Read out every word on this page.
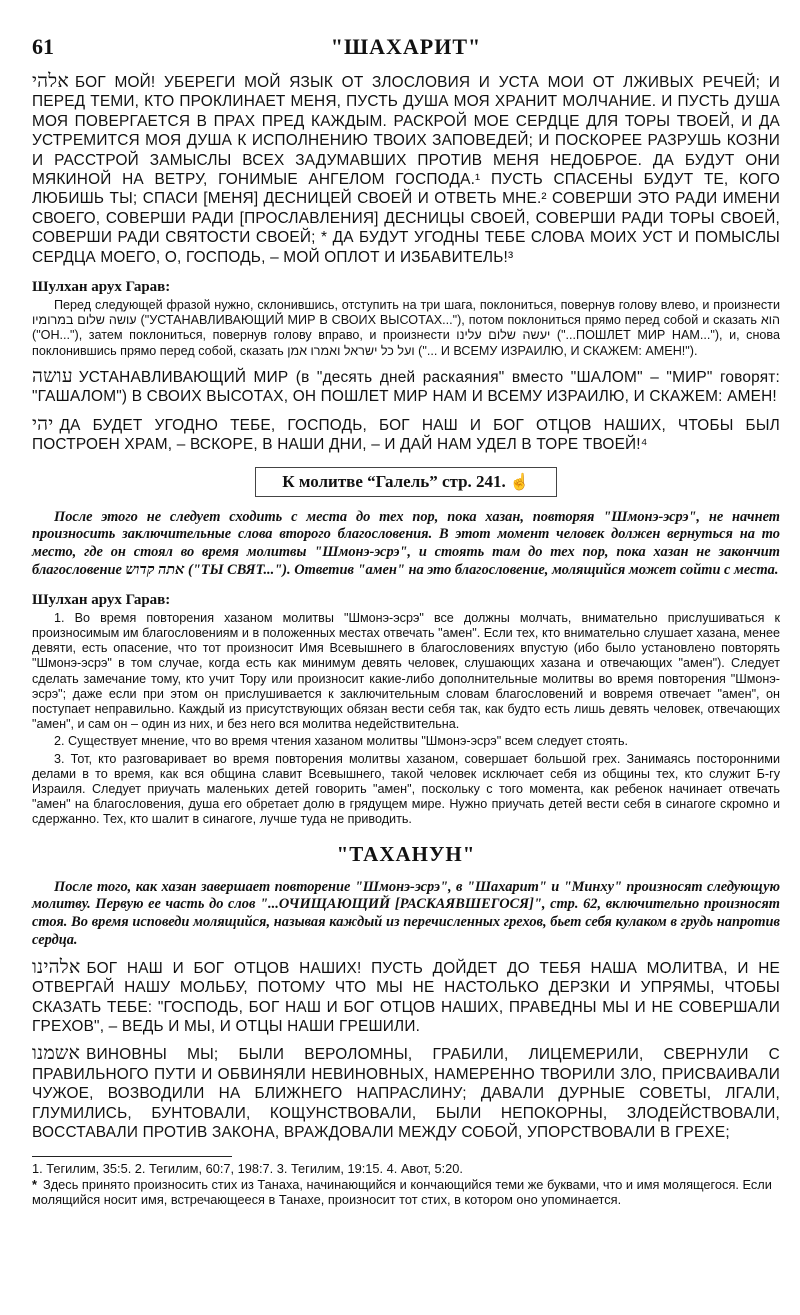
61	"ШАХАРИТ"

אלהי БОГ МОЙ! УБЕРЕГИ МОЙ ЯЗЫК ОТ ЗЛОСЛОВИЯ И УСТА МОИ ОТ ЛЖИВЫХ РЕЧЕЙ; И ПЕРЕД ТЕМИ, КТО ПРОКЛИНАЕТ МЕНЯ, ПУСТЬ ДУША МОЯ ХРАНИТ МОЛЧАНИЕ. И ПУСТЬ ДУША МОЯ ПОВЕРГАЕТСЯ В ПРАХ ПРЕД КАЖДЫМ. РАСКРОЙ МОЕ СЕРДЦЕ ДЛЯ ТОРЫ ТВОЕЙ, И ДА УСТРЕМИТСЯ МОЯ ДУША К ИСПОЛНЕНИЮ ТВОИХ ЗАПОВЕДЕЙ; И ПОСКОРЕЕ РАЗРУШЬ КОЗНИ И РАССТРОЙ ЗАМЫСЛЫ ВСЕХ ЗАДУМАВШИХ ПРОТИВ МЕНЯ НЕДОБРОЕ. ДА БУДУТ ОНИ МЯКИНОЙ НА ВЕТРУ, ГОНИМЫЕ АНГЕЛОМ ГОСПОДА.¹ ПУСТЬ СПАСЕНЫ БУДУТ ТЕ, КОГО ЛЮБИШЬ ТЫ; СПАСИ [МЕНЯ] ДЕСНИЦЕЙ СВОЕЙ И ОТВЕТЬ МНЕ.² СОВЕРШИ ЭТО РАДИ ИМЕНИ СВОЕГО, СОВЕРШИ РАДИ [ПРОСЛАВЛЕНИЯ] ДЕСНИЦЫ СВОЕЙ, СОВЕРШИ РАДИ ТОРЫ СВОЕЙ, СОВЕРШИ РАДИ СВЯТОСТИ СВОЕЙ; * ДА БУДУТ УГОДНЫ ТЕБЕ СЛОВА МОИХ УСТ И ПОМЫСЛЫ СЕРДЦА МОЕГО, О, ГОСПОДЬ, – МОЙ ОПЛОТ И ИЗБАВИТЕЛЬ!³

Шулхан арух Гарав:

Перед следующей фразой нужно, склонившись, отступить на три шага, поклониться, повернув голову влево, и произнести עושה שלום במרומיו ("УСТАНАВЛИВАЮЩИЙ МИР В СВОИХ ВЫСОТАХ..."), потом поклониться прямо перед собой и сказать הוא ("ОН..."), затем поклониться, повернув голову вправо, и произнести יעשה שלום עלינו ("...ПОШЛЕТ МИР НАМ..."), и, снова поклонившись прямо перед собой, сказать ועל כל ישראל ואמרו אמן ("... И ВСЕМУ ИЗРАИЛЮ, И СКАЖЕМ: АМЕН!").

עושה УСТАНАВЛИВАЮЩИЙ МИР (в "десять дней раскаяния" вместо "ШАЛОМ" – "МИР" говорят: "ГАШАЛОМ") В СВОИХ ВЫСОТАХ, ОН ПОШЛЕТ МИР НАМ И ВСЕМУ ИЗРАИЛЮ, И СКАЖЕМ: АМЕН!

יהי ДА БУДЕТ УГОДНО ТЕБЕ, ГОСПОДЬ, БОГ НАШ И БОГ ОТЦОВ НАШИХ, ЧТОБЫ БЫЛ ПОСТРОЕН ХРАМ, – ВСКОРЕ, В НАШИ ДНИ, – И ДАЙ НАМ УДЕЛ В ТОРЕ ТВОЕЙ!⁴

К молитве “Галель” стр. 241. ☝

После этого не следует сходить с места до тех пор, пока хазан, повторяя "Шмонэ-эсрэ", не начнет произносить заключительные слова второго благословения. В этот момент человек должен вернуться на то место, где он стоял во время молитвы "Шмонэ-эсрэ", и стоять там до тех пор, пока хазан не закончит благословение אתה קדוש ("ТЫ СВЯТ..."). Ответив "амен" на это благословение, молящийся может сойти с места.

Шулхан арух Гарав:

1. Во время повторения хазаном молитвы "Шмонэ-эсрэ" все должны молчать, внимательно прислушиваться к произносимым им благословениям и в положенных местах отвечать "амен". Если тех, кто внимательно слушает хазана, менее девяти, есть опасение, что тот произносит Имя Всевышнего в благословениях впустую (ибо было установлено повторять "Шмонэ-эсрэ" в том случае, когда есть как минимум девять человек, слушающих хазана и отвечающих "амен"). Следует сделать замечание тому, кто учит Тору или произносит какие-либо дополнительные молитвы во время повторения "Шмонэ-эсрэ"; даже если при этом он прислушивается к заключительным словам благословений и вовремя отвечает "амен", он поступает неправильно. Каждый из присутствующих обязан вести себя так, как будто есть лишь девять человек, отвечающих "амен", и сам он – один из них, и без него вся молитва недействительна.

2. Существует мнение, что во время чтения хазаном молитвы "Шмонэ-эсрэ" всем следует стоять.

3. Тот, кто разговаривает во время повторения молитвы хазаном, совершает большой грех. Занимаясь посторонними делами в то время, как вся община славит Всевышнего, такой человек исключает себя из общины тех, кто служит Б-гу Израиля. Следует приучать маленьких детей говорить "амен", поскольку с того момента, как ребенок начинает отвечать "амен" на благословения, душа его обретает долю в грядущем мире. Нужно приучать детей вести себя в синагоге скромно и сдержанно. Тех, кто шалит в синагоге, лучше туда не приводить.

"ТАХАНУН"

После того, как хазан завершает повторение "Шмонэ-эсрэ", в "Шахарит" и "Минху" произносят следующую молитву. Первую ее часть до слов "...ОЧИЩАЮЩИЙ [РАСКАЯВШЕГОСЯ]", стр. 62, включительно произносят стоя. Во время исповеди молящийся, называя каждый из перечисленных грехов, бьет себя кулаком в грудь напротив сердца.

אלהינו БОГ НАШ И БОГ ОТЦОВ НАШИХ! ПУСТЬ ДОЙДЕТ ДО ТЕБЯ НАША МОЛИТВА, И НЕ ОТВЕРГАЙ НАШУ МОЛЬБУ, ПОТОМУ ЧТО МЫ НЕ НАСТОЛЬКО ДЕРЗКИ И УПРЯМЫ, ЧТОБЫ СКАЗАТЬ ТЕБЕ: "ГОСПОДЬ, БОГ НАШ И БОГ ОТЦОВ НАШИХ, ПРАВЕДНЫ МЫ И НЕ СОВЕРШАЛИ ГРЕХОВ", – ВЕДЬ И МЫ, И ОТЦЫ НАШИ ГРЕШИЛИ.

אשמנו ВИНОВНЫ МЫ; БЫЛИ ВЕРОЛОМНЫ, ГРАБИЛИ, ЛИЦЕМЕРИЛИ, СВЕРНУЛИ С ПРАВИЛЬНОГО ПУТИ И ОБВИНЯЛИ НЕВИНОВНЫХ, НАМЕРЕННО ТВОРИЛИ ЗЛО, ПРИСВАИВАЛИ ЧУЖОЕ, ВОЗВОДИЛИ НА БЛИЖНЕГО НАПРАСЛИНУ; ДАВАЛИ ДУРНЫЕ СОВЕТЫ, ЛГАЛИ, ГЛУМИЛИСЬ, БУНТОВАЛИ, КОЩУНСТВОВАЛИ, БЫЛИ НЕПОКОРНЫ, ЗЛОДЕЙСТВОВАЛИ, ВОССТАВАЛИ ПРОТИВ ЗАКОНА, ВРАЖДОВАЛИ МЕЖДУ СОБОЙ, УПОРСТВОВАЛИ В ГРЕХЕ;

1. Тегилим, 35:5. 2. Тегилим, 60:7, 198:7. 3. Тегилим, 19:15. 4. Авот, 5:20.

* Здесь принято произносить стих из Танаха, начинающийся и кончающийся теми же буквами, что и имя молящегося. Если молящийся носит имя, встречающееся в Танахе, произносит тот стих, в котором оно упоминается.
